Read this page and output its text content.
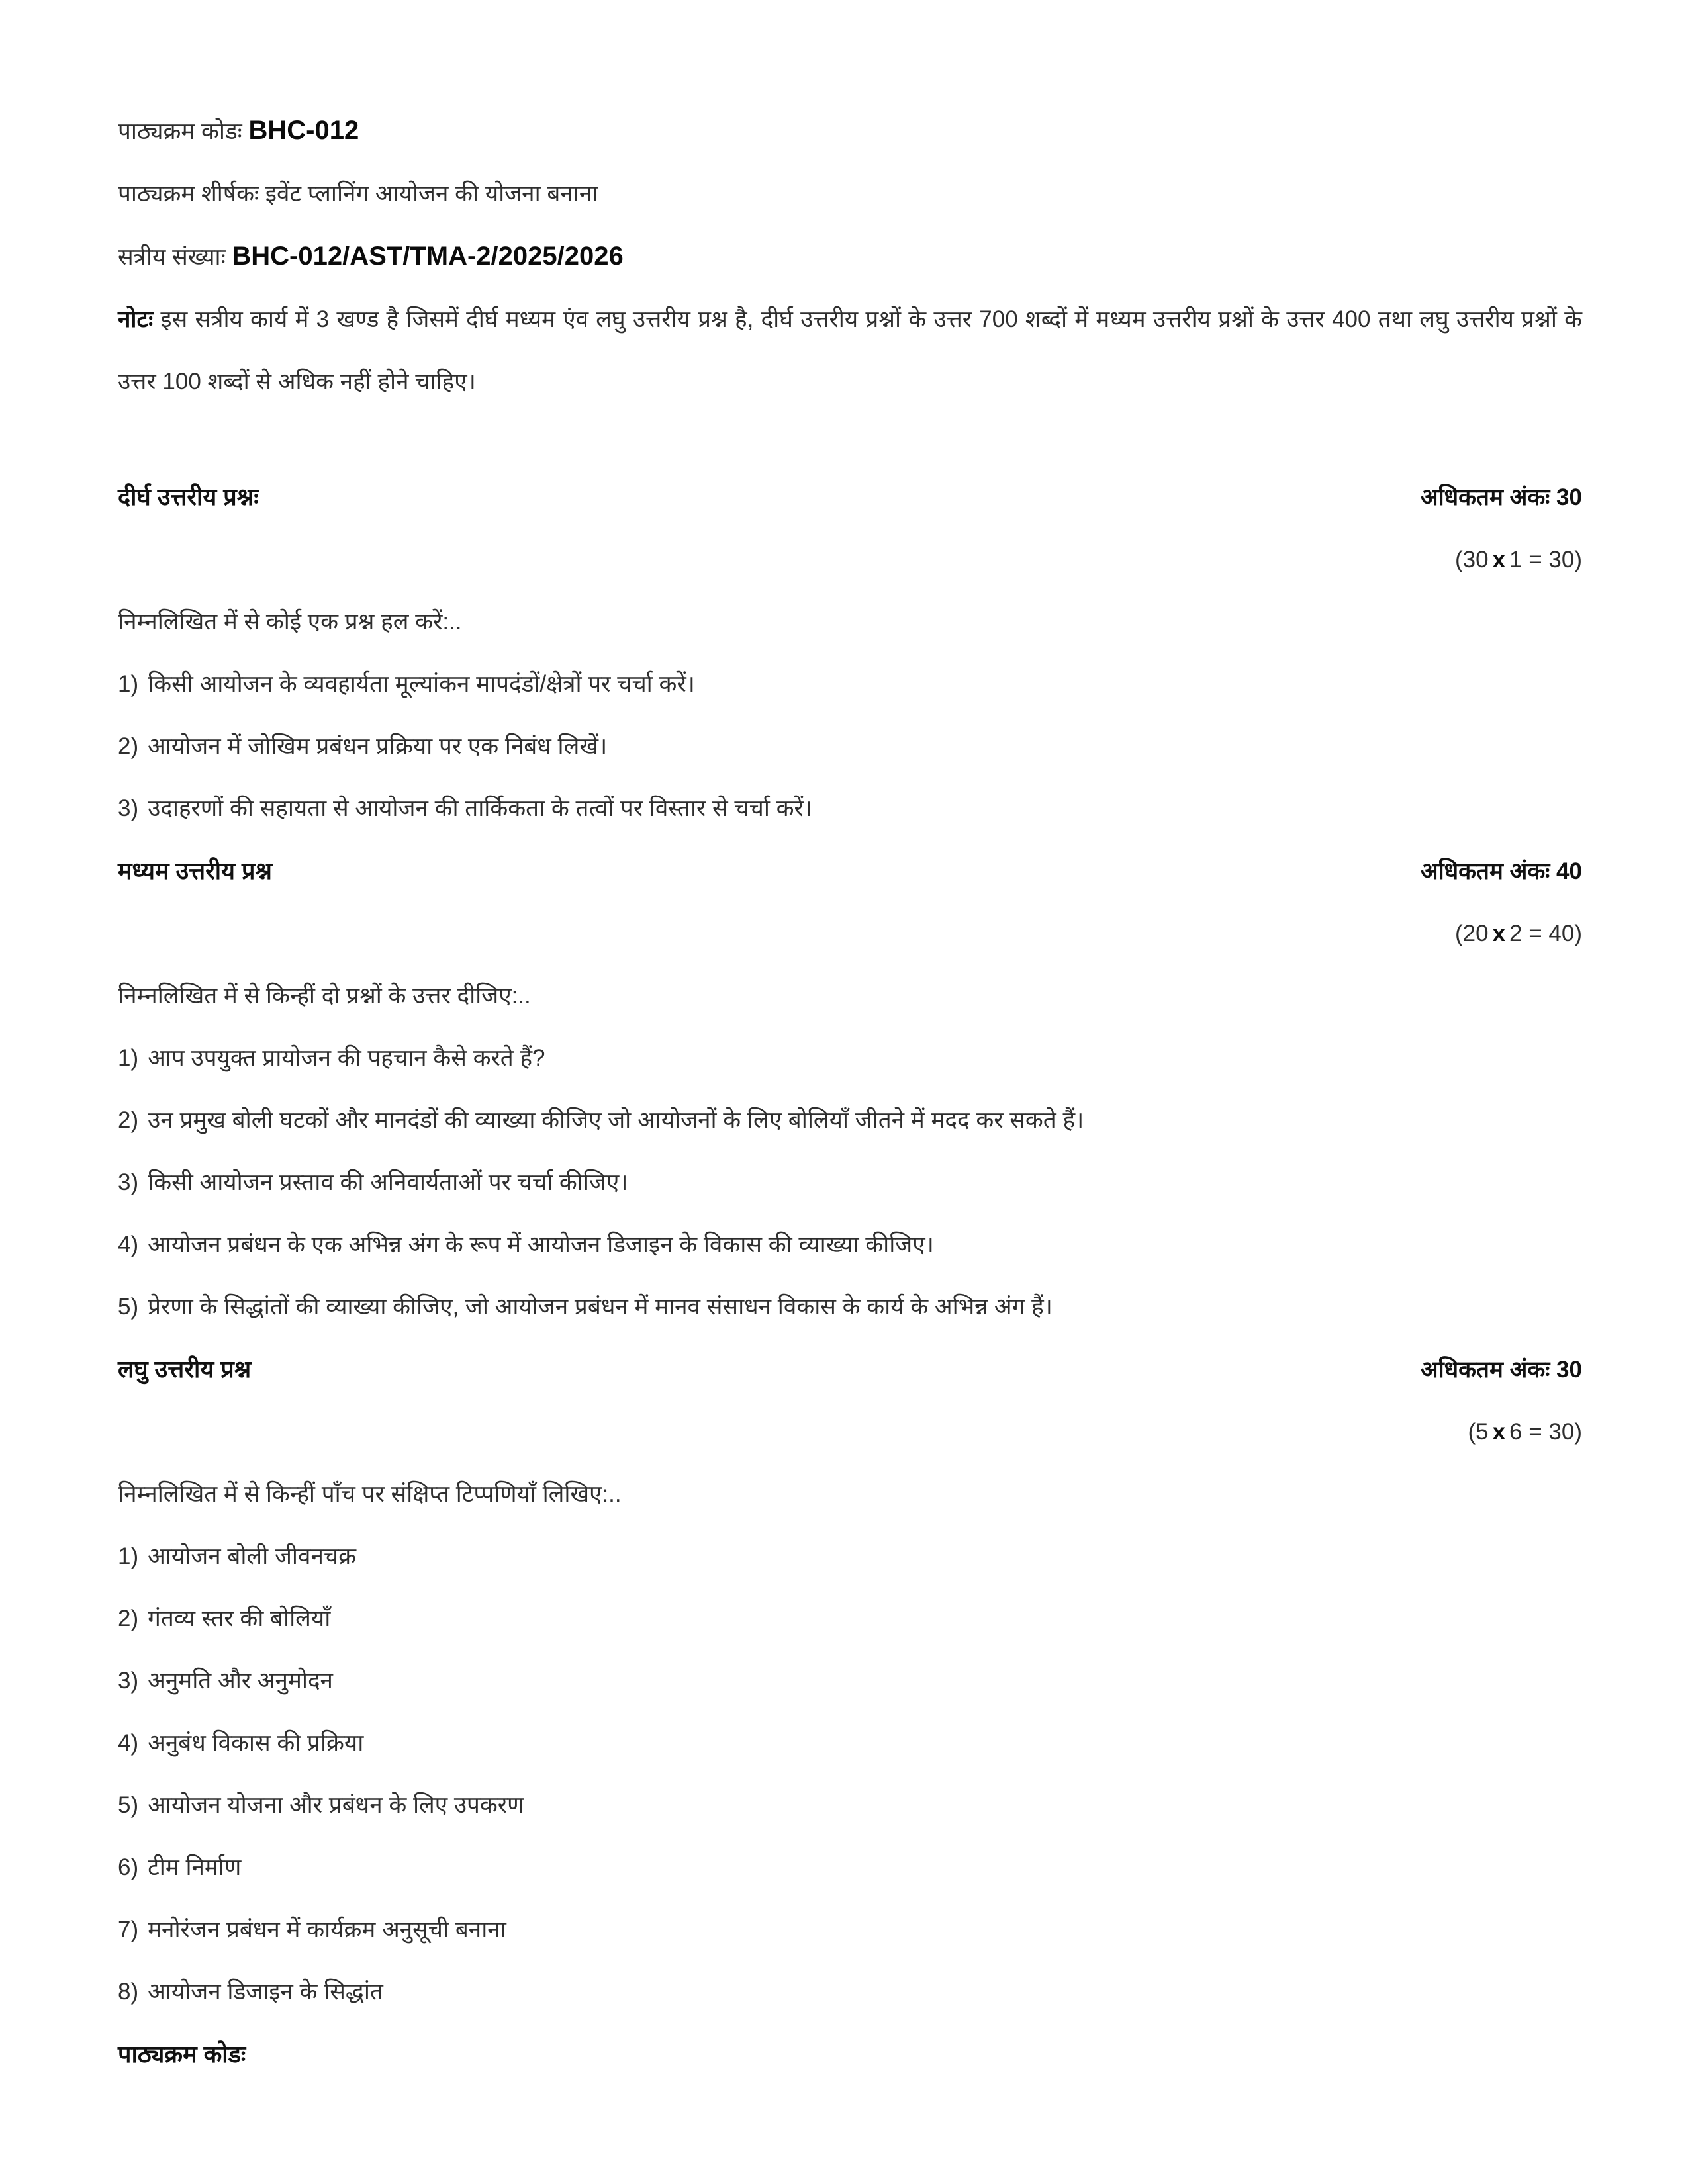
पाठ्यक्रम कोडः BHC-012

पाठ्यक्रम शीर्षकः इवेंट प्लानिंग आयोजन की योजना बनाना

सत्रीय संख्याः BHC-012/AST/TMA-2/2025/2026

नोटः इस सत्रीय कार्य में 3 खण्ड है जिसमें दीर्घ मध्यम एंव लघु उत्तरीय प्रश्न है, दीर्घ उत्तरीय प्रश्नों के उत्तर 700 शब्दों में मध्यम उत्तरीय प्रश्नों के उत्तर 400 तथा लघु उत्तरीय प्रश्नों के उत्तर 100 शब्दों से अधिक नहीं होने चाहिए।

दीर्घ उत्तरीय प्रश्नः	अधिकतम अंकः 30
(30 x 1 = 30)

निम्नलिखित में से कोई एक प्रश्न हल करें:..

1) किसी आयोजन के व्यवहार्यता मूल्यांकन मापदंडों/क्षेत्रों पर चर्चा करें।

2) आयोजन में जोखिम प्रबंधन प्रक्रिया पर एक निबंध लिखें।

3) उदाहरणों की सहायता से आयोजन की तार्किकता के तत्वों पर विस्तार से चर्चा करें।

मध्यम उत्तरीय प्रश्न	अधिकतम अंकः 40
(20 x 2 = 40)

निम्नलिखित में से किन्हीं दो प्रश्नों के उत्तर दीजिए:..

1) आप उपयुक्त प्रायोजन की पहचान कैसे करते हैं?

2) उन प्रमुख बोली घटकों और मानदंडों की व्याख्या कीजिए जो आयोजनों के लिए बोलियाँ जीतने में मदद कर सकते हैं।

3) किसी आयोजन प्रस्ताव की अनिवार्यताओं पर चर्चा कीजिए।

4) आयोजन प्रबंधन के एक अभिन्न अंग के रूप में आयोजन डिजाइन के विकास की व्याख्या कीजिए।

5) प्रेरणा के सिद्धांतों की व्याख्या कीजिए, जो आयोजन प्रबंधन में मानव संसाधन विकास के कार्य के अभिन्न अंग हैं।

लघु उत्तरीय प्रश्न	अधिकतम अंकः 30
(5 x 6 = 30)

निम्नलिखित में से किन्हीं पाँच पर संक्षिप्त टिप्पणियाँ लिखिए:..

1) आयोजन बोली जीवनचक्र

2) गंतव्य स्तर की बोलियाँ

3) अनुमति और अनुमोदन

4) अनुबंध विकास की प्रक्रिया

5) आयोजन योजना और प्रबंधन के लिए उपकरण

6) टीम निर्माण

7) मनोरंजन प्रबंधन में कार्यक्रम अनुसूची बनाना

8) आयोजन डिजाइन के सिद्धांत

पाठ्यक्रम कोडः
